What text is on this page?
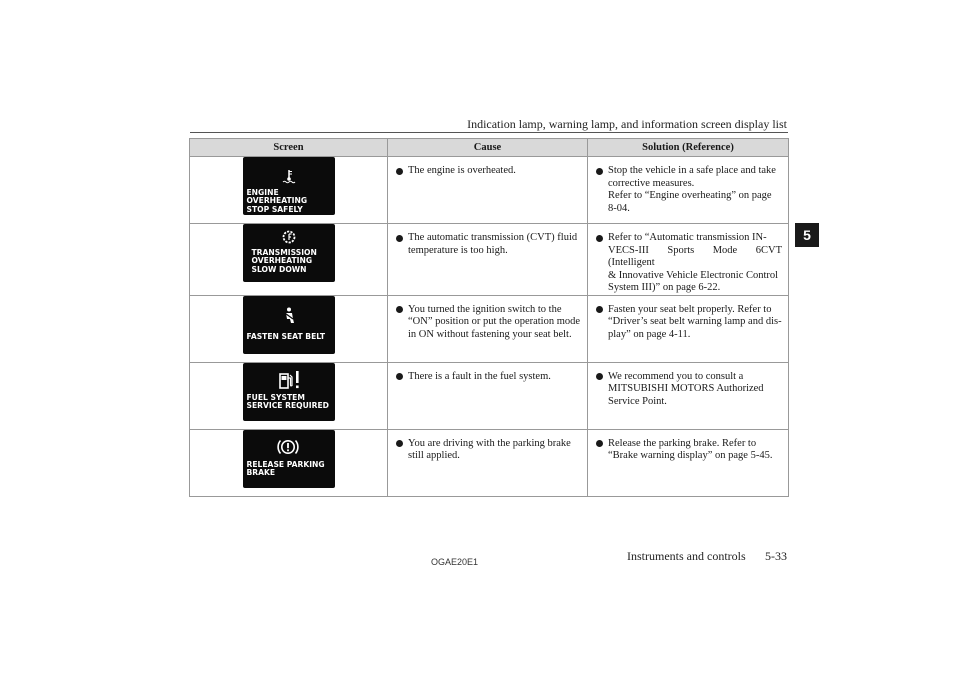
Indication lamp, warning lamp, and information screen display list
5
Screen	Cause	Solution (Reference)

ENGINE OVERHEATING
STOP SAFELY	The engine is overheated.	Stop the vehicle in a safe place and take
corrective measures.
Refer to “Engine overheating” on page
8-04.

TRANSMISSION
OVERHEATING
SLOW DOWN	The automatic transmission (CVT) fluid
temperature is too high.	Refer to “Automatic transmission IN-
VECS-III Sports Mode 6CVT (Intelligent
& Innovative Vehicle Electronic Control
System III)” on page 6-22.

FASTEN SEAT BELT	You turned the ignition switch to the
“ON” position or put the operation mode
in ON without fastening your seat belt.	Fasten your seat belt properly. Refer to
“Driver’s seat belt warning lamp and dis-
play” on page 4-11.

FUEL SYSTEM
SERVICE REQUIRED	There is a fault in the fuel system.	We recommend you to consult a
MITSUBISHI MOTORS Authorized
Service Point.

RELEASE PARKING
BRAKE	You are driving with the parking brake
still applied.	Release the parking brake. Refer to
“Brake warning display” on page 5-45.
OGAE20E1	Instruments and controls 5-33
